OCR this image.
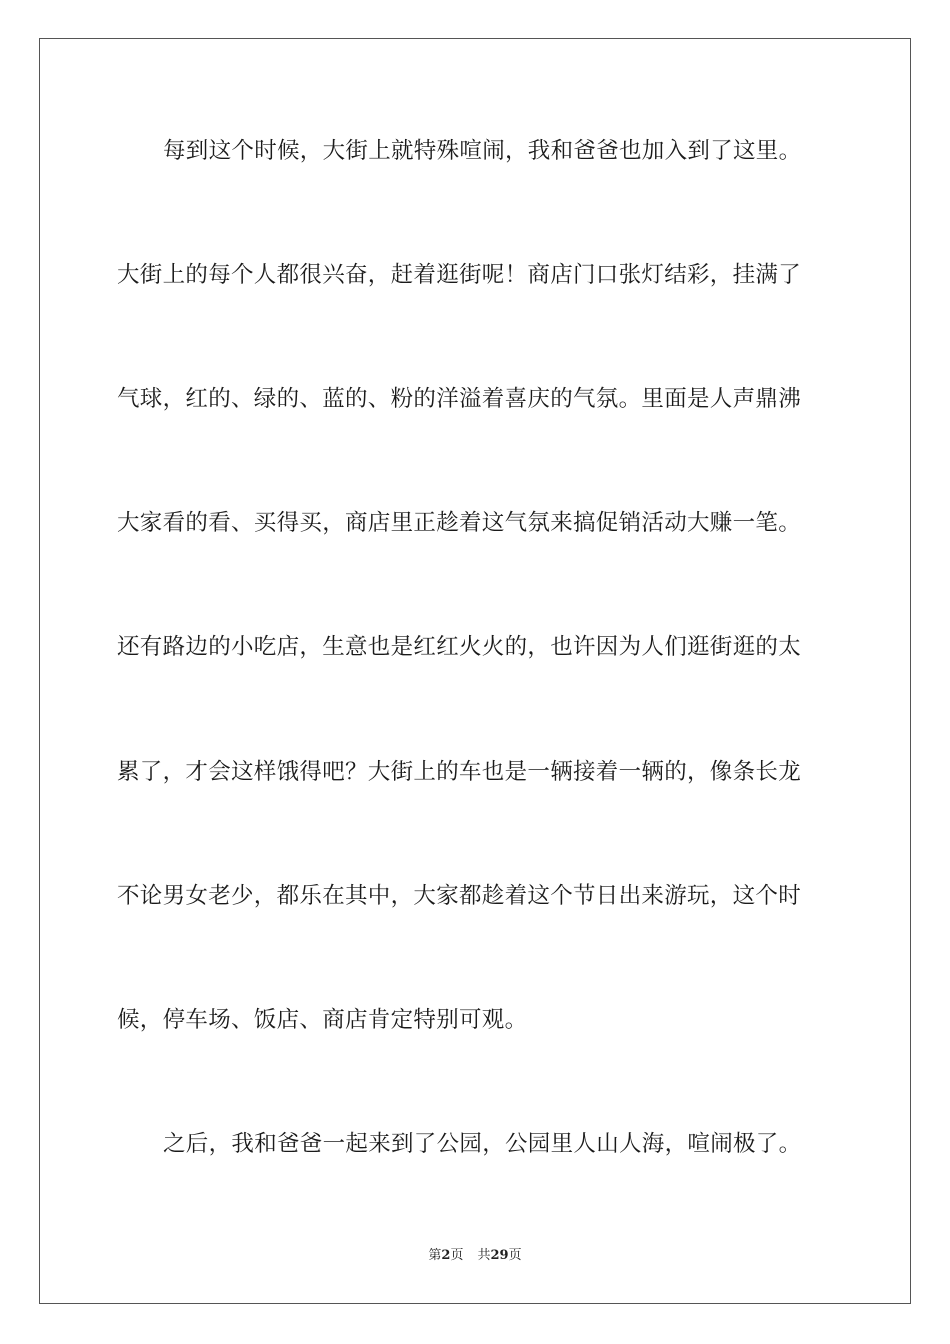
每到这个时候，大街上就特殊喧闹，我和爸爸也加入到了这里。
大街上的每个人都很兴奋，赶着逛街呢！商店门口张灯结彩，挂满了
气球，红的、绿的、蓝的、粉的洋溢着喜庆的气氛。里面是人声鼎沸
大家看的看、买得买，商店里正趁着这气氛来搞促销活动大赚一笔。
还有路边的小吃店，生意也是红红火火的，也许因为人们逛街逛的太
累了，才会这样饿得吧？大街上的车也是一辆接着一辆的，像条长龙
不论男女老少，都乐在其中，大家都趁着这个节日出来游玩，这个时
候，停车场、饭店、商店肯定特别可观。
之后，我和爸爸一起来到了公园，公园里人山人海，喧闹极了。
第2页 共29页
